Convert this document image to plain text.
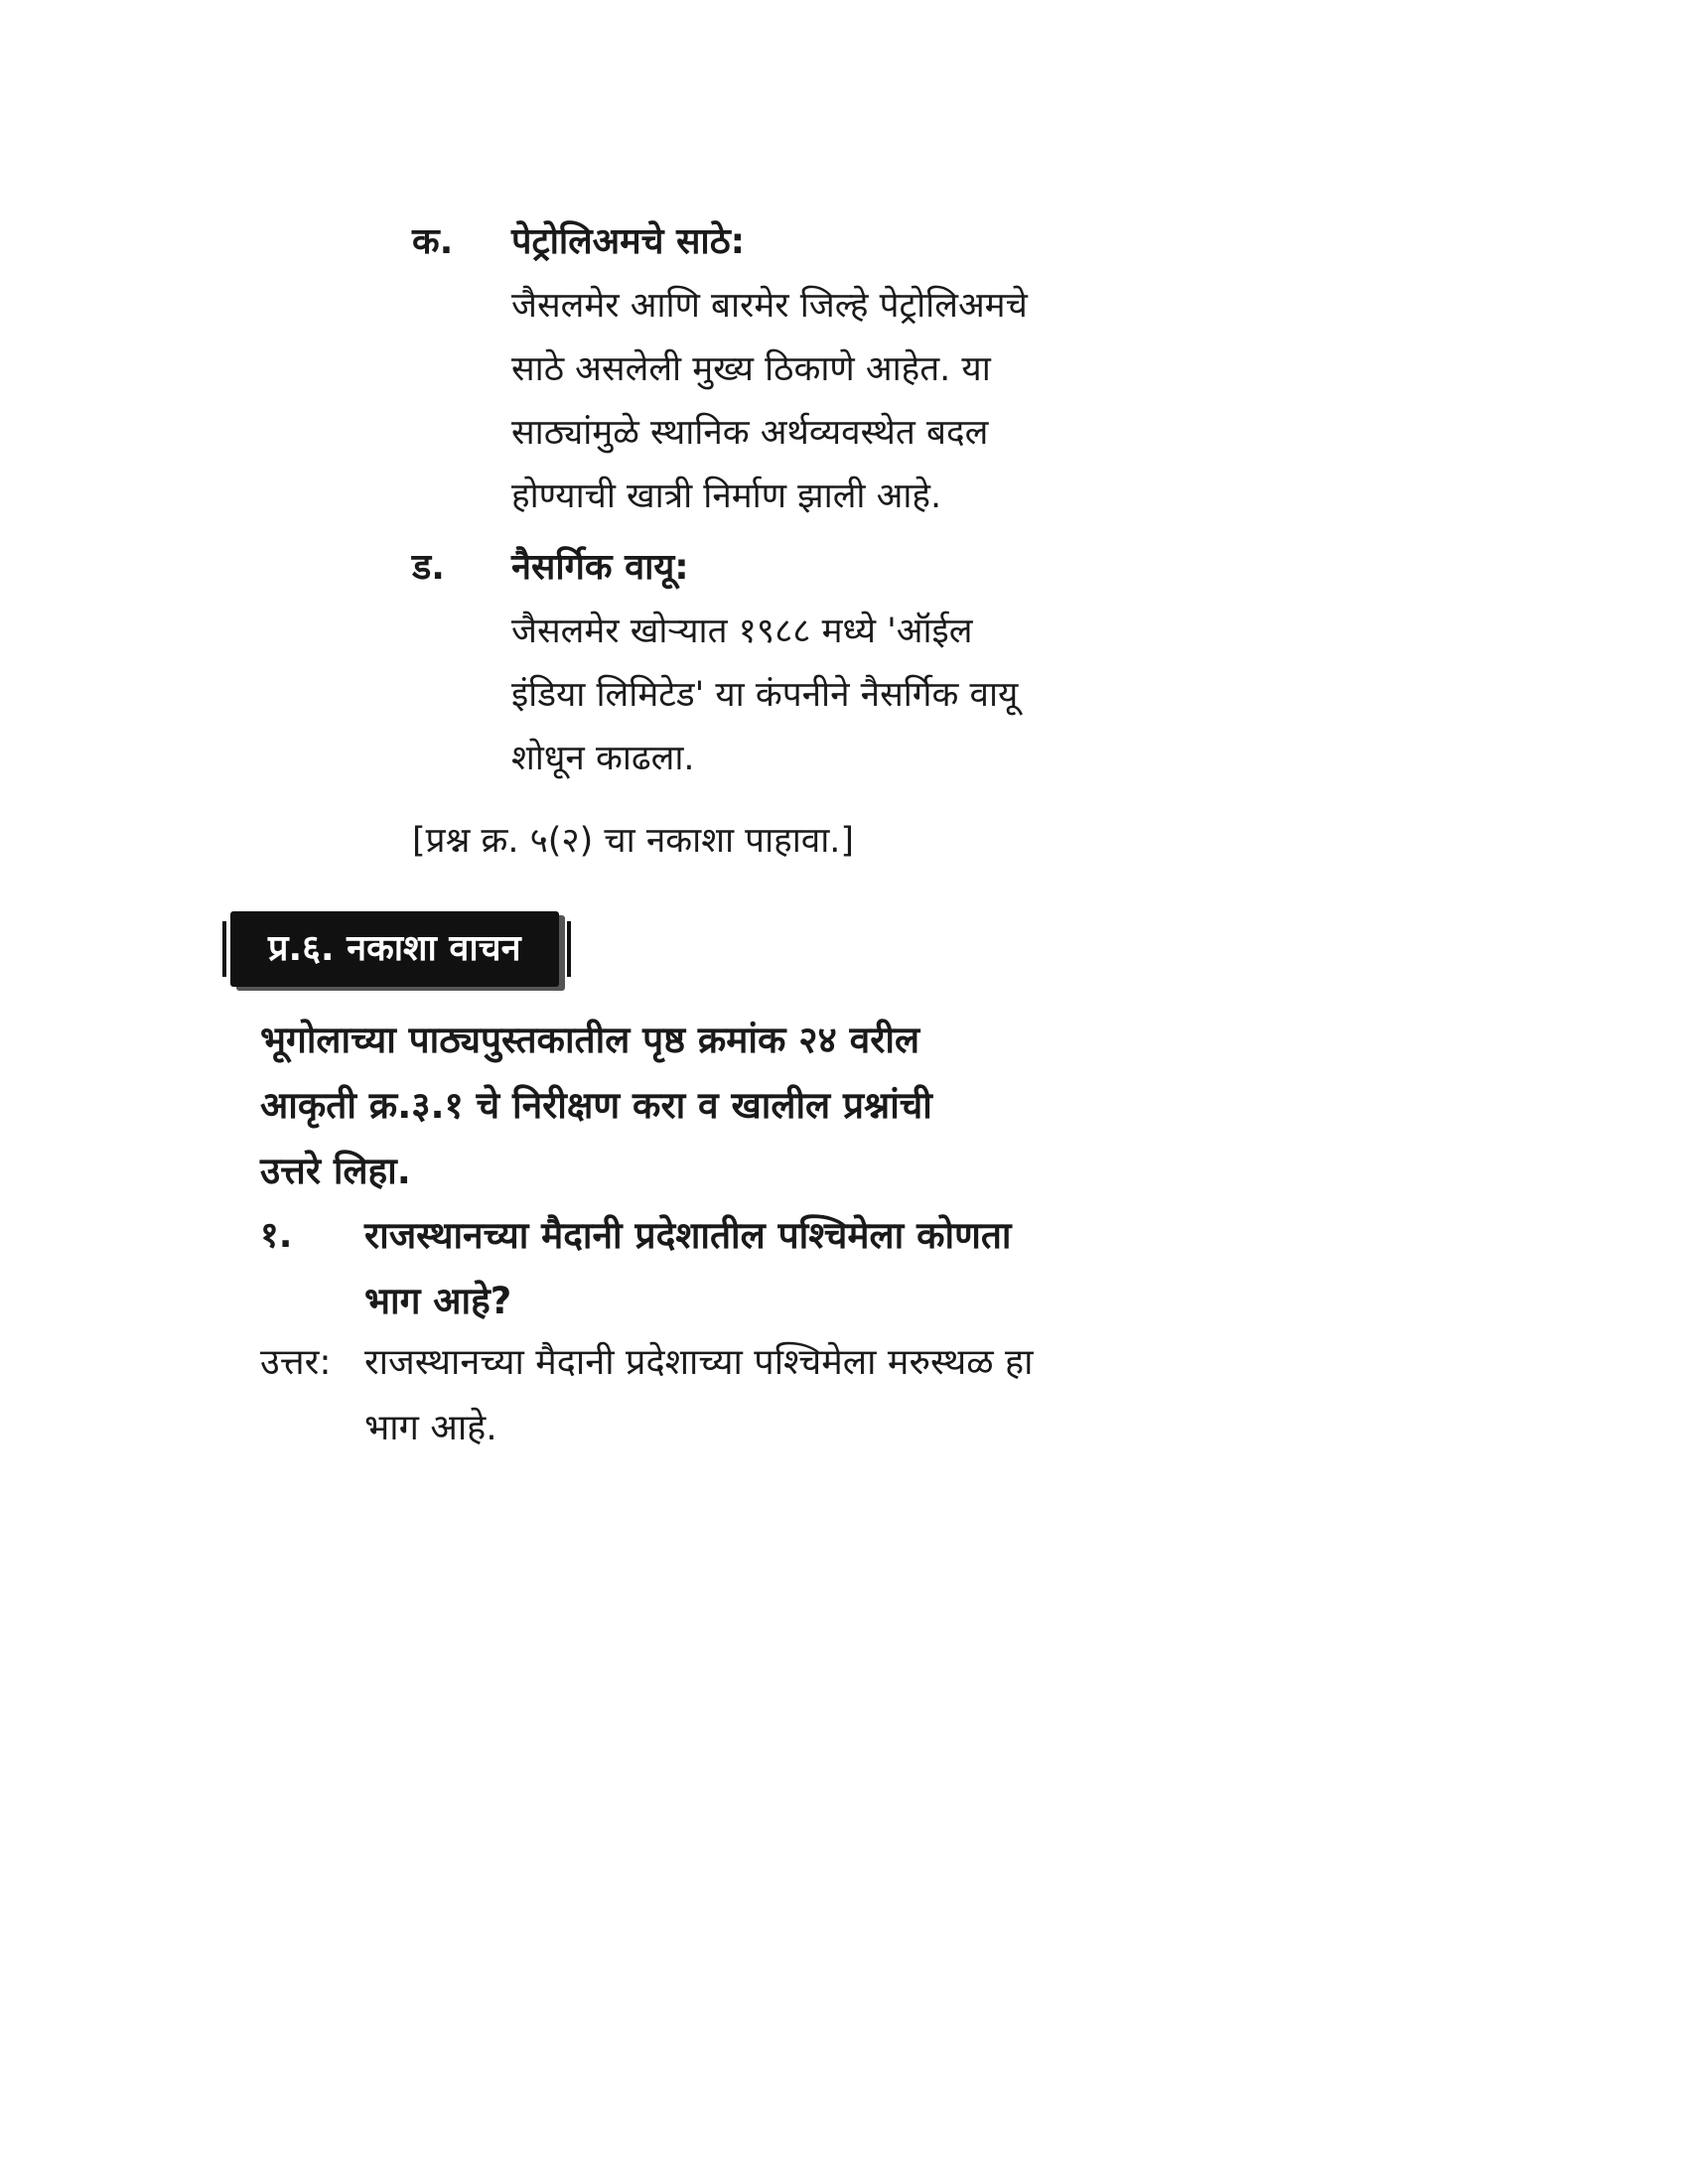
क. पेट्रोलिअमचे साठे:
जैसलमेर आणि बारमेर जिल्हे पेट्रोलिअमचे
साठे असलेली मुख्य ठिकाणे आहेत. या
साठ्यांमुळे स्थानिक अर्थव्यवस्थेत बदल
होण्याची खात्री निर्माण झाली आहे.
ड. नैसर्गिक वायू:
जैसलमेर खोऱ्यात १९८८ मध्ये 'ऑईल
इंडिया लिमिटेड' या कंपनीने नैसर्गिक वायू
शोधून काढला.
[प्रश्न क्र. ५(२) चा नकाशा पाहावा.]
प्र.६. नकाशा वाचन
भूगोलाच्या पाठ्यपुस्तकातील पृष्ठ क्रमांक २४ वरील
आकृती क्र.३.१ चे निरीक्षण करा व खालील प्रश्नांची
उत्तरे लिहा.
१. राजस्थानच्या मैदानी प्रदेशातील पश्चिमेला कोणता
भाग आहे?
उत्तर: राजस्थानच्या मैदानी प्रदेशाच्या पश्चिमेला मरुस्थळ हा
भाग आहे.
